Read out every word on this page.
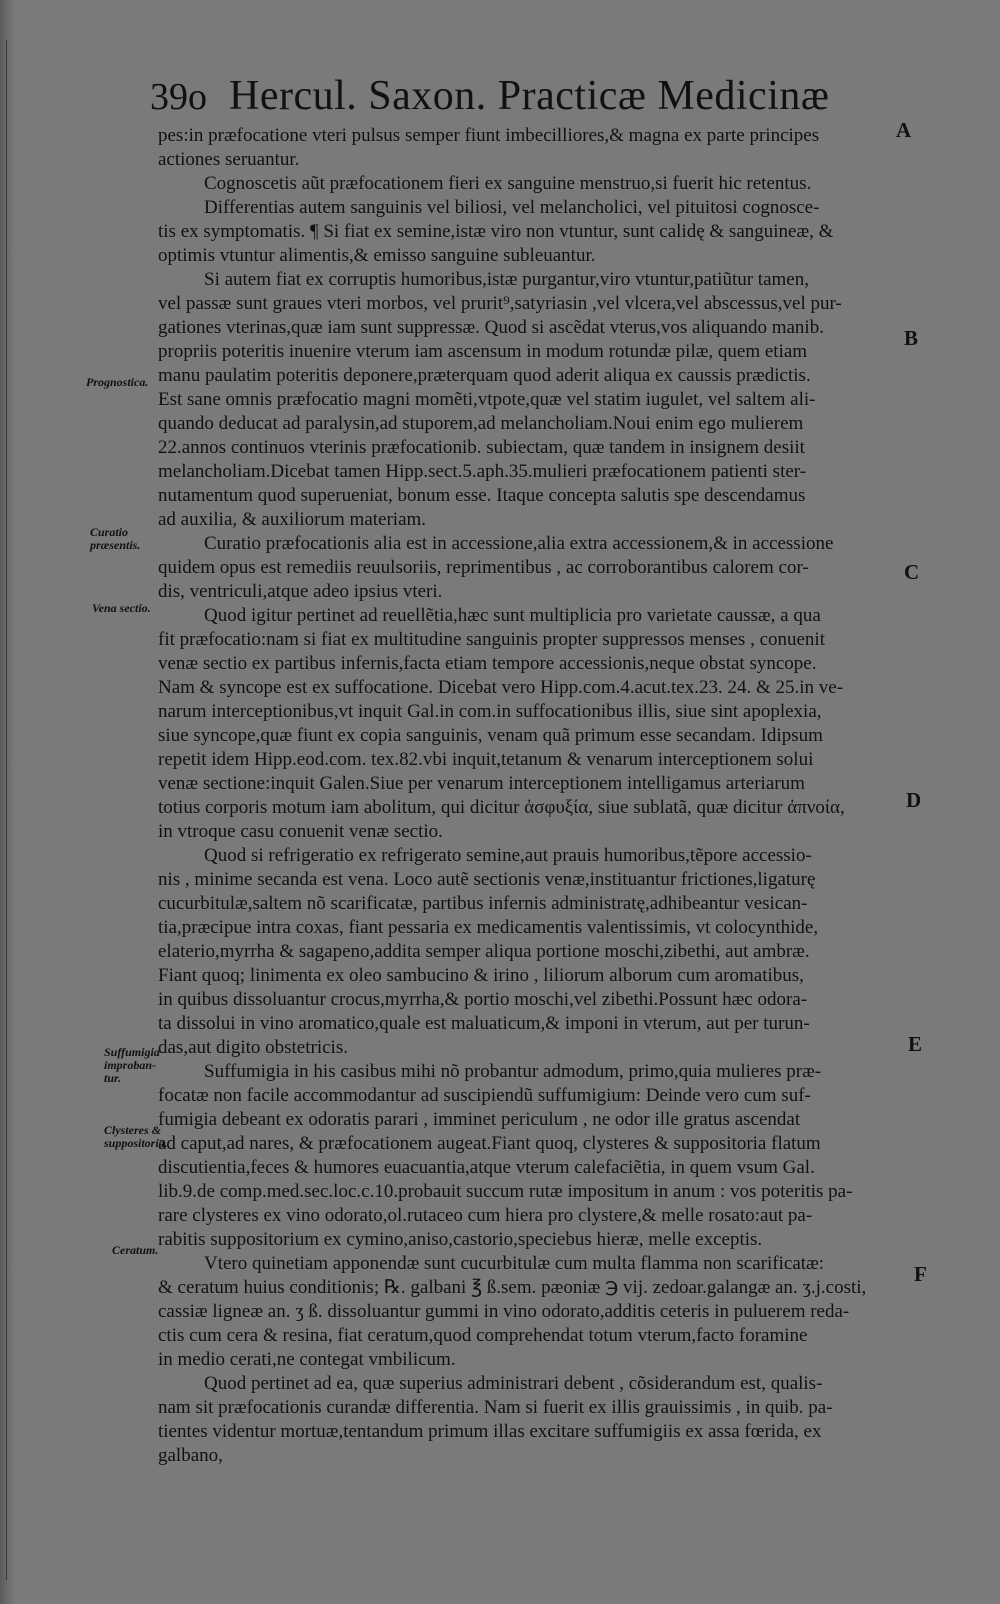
39o Hercul. Saxon. Practicæ Medicinæ
pes:in præfocatione vteri pulsus semper fiunt imbecilliores,& magna ex parte principes
actiones seruantur.
Cognoscetis aũt præfocationem fieri ex sanguine menstruo,si fuerit hic retentus.
Differentias autem sanguinis vel biliosi, vel melancholici, vel pituitosi cognosce-
tis ex symptomatis. ¶ Si fiat ex semine,istæ viro non vtuntur, sunt calidę & sanguineæ, &
optimis vtuntur alimentis,& emisso sanguine subleuantur.
Si autem fiat ex corruptis humoribus,istæ purgantur,viro vtuntur,patiũtur tamen,
vel passæ sunt graues vteri morbos, vel prurit⁹,satyriasin ,vel vlcera,vel abscessus,vel pur-
gationes vterinas,quæ iam sunt suppressæ. Quod si ascẽdat vterus,vos aliquando manib.
propriis poteritis inuenire vterum iam ascensum in modum rotundæ pilæ, quem etiam
manu paulatim poteritis deponere,præterquam quod aderit aliqua ex caussis prædictis.
Est sane omnis præfocatio magni momẽti,vtpote,quæ vel statim iugulet, vel saltem ali-
quando deducat ad paralysin,ad stuporem,ad melancholiam.Noui enim ego mulierem
22.annos continuos vterinis præfocationib. subiectam, quæ tandem in insignem desiit
melancholiam.Dicebat tamen Hipp.sect.5.aph.35.mulieri præfocationem patienti ster-
nutamentum quod superueniat, bonum esse. Itaque concepta salutis spe descendamus
ad auxilia, & auxiliorum materiam.
Curatio præfocationis alia est in accessione,alia extra accessionem,& in accessione
quidem opus est remediis reuulsoriis, reprimentibus , ac corroborantibus calorem cor-
dis, ventriculi,atque adeo ipsius vteri.
Quod igitur pertinet ad reuellẽtia,hæc sunt multiplicia pro varietate caussæ, a qua
fit præfocatio:nam si fiat ex multitudine sanguinis propter suppressos menses , conuenit
venæ sectio ex partibus infernis,facta etiam tempore accessionis,neque obstat syncope.
Nam & syncope est ex suffocatione. Dicebat vero Hipp.com.4.acut.tex.23. 24. & 25.in ve-
narum interceptionibus,vt inquit Gal.in com.in suffocationibus illis, siue sint apoplexia,
siue syncope,quæ fiunt ex copia sanguinis, venam quã primum esse secandam. Idipsum
repetit idem Hipp.eod.com. tex.82.vbi inquit,tetanum & venarum interceptionem solui
venæ sectione:inquit Galen.Siue per venarum interceptionem intelligamus arteriarum
totius corporis motum iam abolitum, qui dicitur ἀσφυξία, siue sublatã, quæ dicitur ἀπνοία,
in vtroque casu conuenit venæ sectio.
Quod si refrigeratio ex refrigerato semine,aut prauis humoribus,tẽpore accessio-
nis , minime secanda est vena. Loco autẽ sectionis venæ,instituantur frictiones,ligaturę
cucurbitulæ,saltem nõ scarificatæ, partibus infernis administratę,adhibeantur vesican-
tia,præcipue intra coxas, fiant pessaria ex medicamentis valentissimis, vt colocynthide,
elaterio,myrrha & sagapeno,addita semper aliqua portione moschi,zibethi, aut ambræ.
Fiant quoq; linimenta ex oleo sambucino & irino , liliorum alborum cum aromatibus,
in quibus dissoluantur crocus,myrrha,& portio moschi,vel zibethi.Possunt hæc odora-
ta dissolui in vino aromatico,quale est maluaticum,& imponi in vterum, aut per turun-
das,aut digito obstetricis.
Suffumigia in his casibus mihi nõ probantur admodum, primo,quia mulieres præ-
focatæ non facile accommodantur ad suscipiendũ suffumigium: Deinde vero cum suf-
fumigia debeant ex odoratis parari , imminet periculum , ne odor ille gratus ascendat
ad caput,ad nares, & præfocationem augeat.Fiant quoq, clysteres & suppositoria flatum
discutientia,feces & humores euacuantia,atque vterum calefaciẽtia, in quem vsum Gal.
lib.9.de comp.med.sec.loc.c.10.probauit succum rutæ impositum in anum : vos poteritis pa-
rare clysteres ex vino odorato,ol.rutaceo cum hiera pro clystere,& melle rosato:aut pa-
rabitis suppositorium ex cymino,aniso,castorio,speciebus hieræ, melle exceptis.
Vtero quinetiam apponendæ sunt cucurbitulæ cum multa flamma non scarificatæ:
& ceratum huius conditionis; ℞. galbani ℥ ß.sem. pæoniæ ℈ vij. zedoar.galangæ an. ʒ.j.costi,
cassiæ ligneæ an. ʒ ß. dissoluantur gummi in vino odorato,additis ceteris in puluerem reda-
ctis cum cera & resina, fiat ceratum,quod comprehendat totum vterum,facto foramine
in medio cerati,ne contegat vmbilicum.
Quod pertinet ad ea, quæ superius administrari debent , cõsiderandum est, qualis-
nam sit præfocationis curandæ differentia. Nam si fuerit ex illis grauissimis , in quib. pa-
tientes videntur mortuæ,tentandum primum illas excitare suffumigiis ex assa fœrida, ex
galbano,
Prognostica.
Curatio
præsentis.
Vena sectio.
Suffumigia
improban-
tur.
Clysteres &
suppositoria.
Ceratum.
A
B
C
D
E
F
